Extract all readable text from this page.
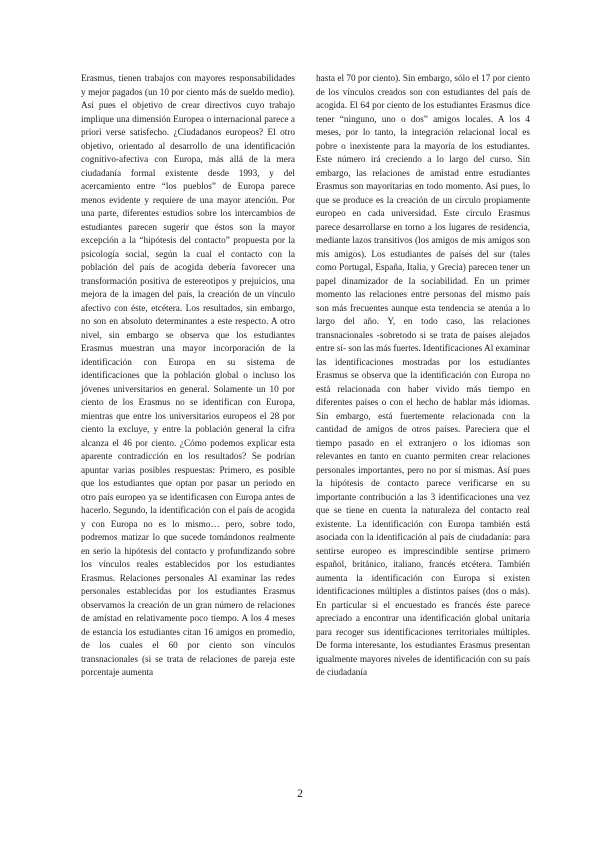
Erasmus, tienen trabajos con mayores responsabilidades y mejor pagados (un 10 por ciento más de sueldo medio). Así pues el objetivo de crear directivos cuyo trabajo implique una dimensión Europea o internacional parece a priori verse satisfecho. ¿Ciudadanos europeos? El otro objetivo, orientado al desarrollo de una identificación cognitivo-afectiva con Europa, más allá de la mera ciudadanía formal existente desde 1993, y del acercamiento entre “los pueblos” de Europa parece menos evidente y requiere de una mayor atención. Por una parte, diferentes estudios sobre los intercambios de estudiantes parecen sugerir que éstos son la mayor excepción a la “hipótesis del contacto” propuesta por la psicología social, según la cual el contacto con la población del país de acogida debería favorecer una transformación positiva de estereotipos y prejuicios, una mejora de la imagen del país, la creación de un vínculo afectivo con éste, etcétera. Los resultados, sin embargo, no son en absoluto determinantes a este respecto. A otro nivel, sin embargo se observa que los estudiantes Erasmus muestran una mayor incorporación de la identificación con Europa en su sistema de identificaciones que la población global o incluso los jóvenes universitarios en general. Solamente un 10 por ciento de los Erasmus no se identifican con Europa, mientras que entre los universitarios europeos el 28 por ciento la excluye, y entre la población general la cifra alcanza el 46 por ciento. ¿Cómo podemos explicar esta aparente contradicción en los resultados? Se podrían apuntar varias posibles respuestas: Primero, es posible que los estudiantes que optan por pasar un periodo en otro país europeo ya se identificasen con Europa antes de hacerlo. Segundo, la identificación con el país de acogida y con Europa no es lo mismo… pero, sobre todo, podremos matizar lo que sucede tomándonos realmente en serio la hipótesis del contacto y profundizando sobre los vínculos reales establecidos por los estudiantes Erasmus. Relaciones personales Al examinar las redes personales establecidas por los estudiantes Erasmus observamos la creación de un gran número de relaciones de amistad en relativamente poco tiempo. A los 4 meses de estancia los estudiantes citan 16 amigos en promedio, de los cuales el 60 por ciento son vínculos transnacionales (si se trata de relaciones de pareja este porcentaje aumenta

hasta el 70 por ciento). Sin embargo, sólo el 17 por ciento de los vínculos creados son con estudiantes del país de acogida. El 64 por ciento de los estudiantes Erasmus dice tener “ninguno, uno o dos” amigos locales. A los 4 meses, por lo tanto, la integración relacional local es pobre o inexistente para la mayoría de los estudiantes. Este número irá creciendo a lo largo del curso. Sin embargo, las relaciones de amistad entre estudiantes Erasmus son mayoritarias en todo momento. Así pues, lo que se produce es la creación de un círculo propiamente europeo en cada universidad. Este círculo Erasmus parece desarrollarse en torno a los lugares de residencia, mediante lazos transitivos (los amigos de mis amigos son mis amigos). Los estudiantes de países del sur (tales como Portugal, España, Italia, y Grecia) parecen tener un papel dinamizador de la sociabilidad. En un primer momento las relaciones entre personas del mismo país son más frecuentes aunque esta tendencia se atenúa a lo largo del año. Y, en todo caso, las relaciones transnacionales -sobretodo si se trata de países alejados entre sí- son las más fuertes. Identificaciones Al examinar las identificaciones mostradas por los estudiantes Erasmus se observa que la identificación con Europa no está relacionada con haber vivido más tiempo en diferentes países o con el hecho de hablar más idiomas. Sin embargo, está fuertemente relacionada con la cantidad de amigos de otros países. Pareciera que el tiempo pasado en el extranjero o los idiomas son relevantes en tanto en cuanto permiten crear relaciones personales importantes, pero no por sí mismas. Así pues la hipótesis de contacto parece verificarse en su importante contribución a las 3 identificaciones una vez que se tiene en cuenta la naturaleza del contacto real existente. La identificación con Europa también está asociada con la identificación al país de ciudadanía: para sentirse europeo es imprescindible sentirse primero español, británico, italiano, francés etcétera. También aumenta la identificación con Europa si existen identificaciones múltiples a distintos países (dos o más). En particular si el encuestado es francés éste parece apreciado a encontrar una identificación global unitaria para recoger sus identificaciones territoriales múltiples. De forma interesante, los estudiantes Erasmus presentan igualmente mayores niveles de identificación con su país de ciudadanía

2
